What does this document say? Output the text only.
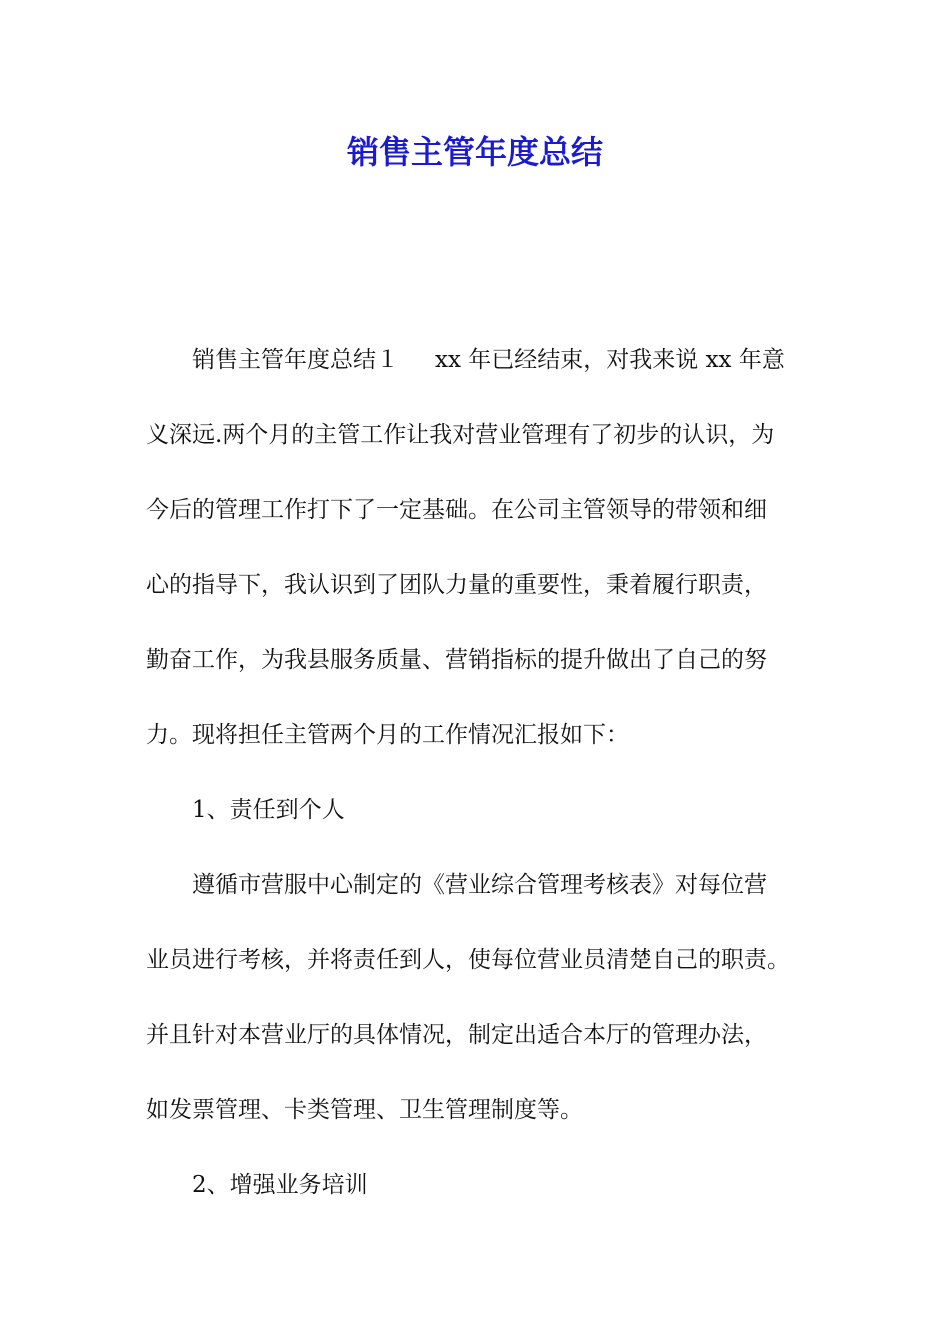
销售主管年度总结
销售主管年度总结１ xx 年已经结束，对我来说 xx 年意
义深远.两个月的主管工作让我对营业管理有了初步的认识，为
今后的管理工作打下了一定基础。在公司主管领导的带领和细
心的指导下，我认识到了团队力量的重要性，秉着履行职责，
勤奋工作，为我县服务质量、营销指标的提升做出了自己的努
力。现将担任主管两个月的工作情况汇报如下：
1、责任到个人
遵循市营服中心制定的《营业综合管理考核表》对每位营
业员进行考核，并将责任到人，使每位营业员清楚自己的职责。
并且针对本营业厅的具体情况，制定出适合本厅的管理办法，
如发票管理、卡类管理、卫生管理制度等。
2、增强业务培训
